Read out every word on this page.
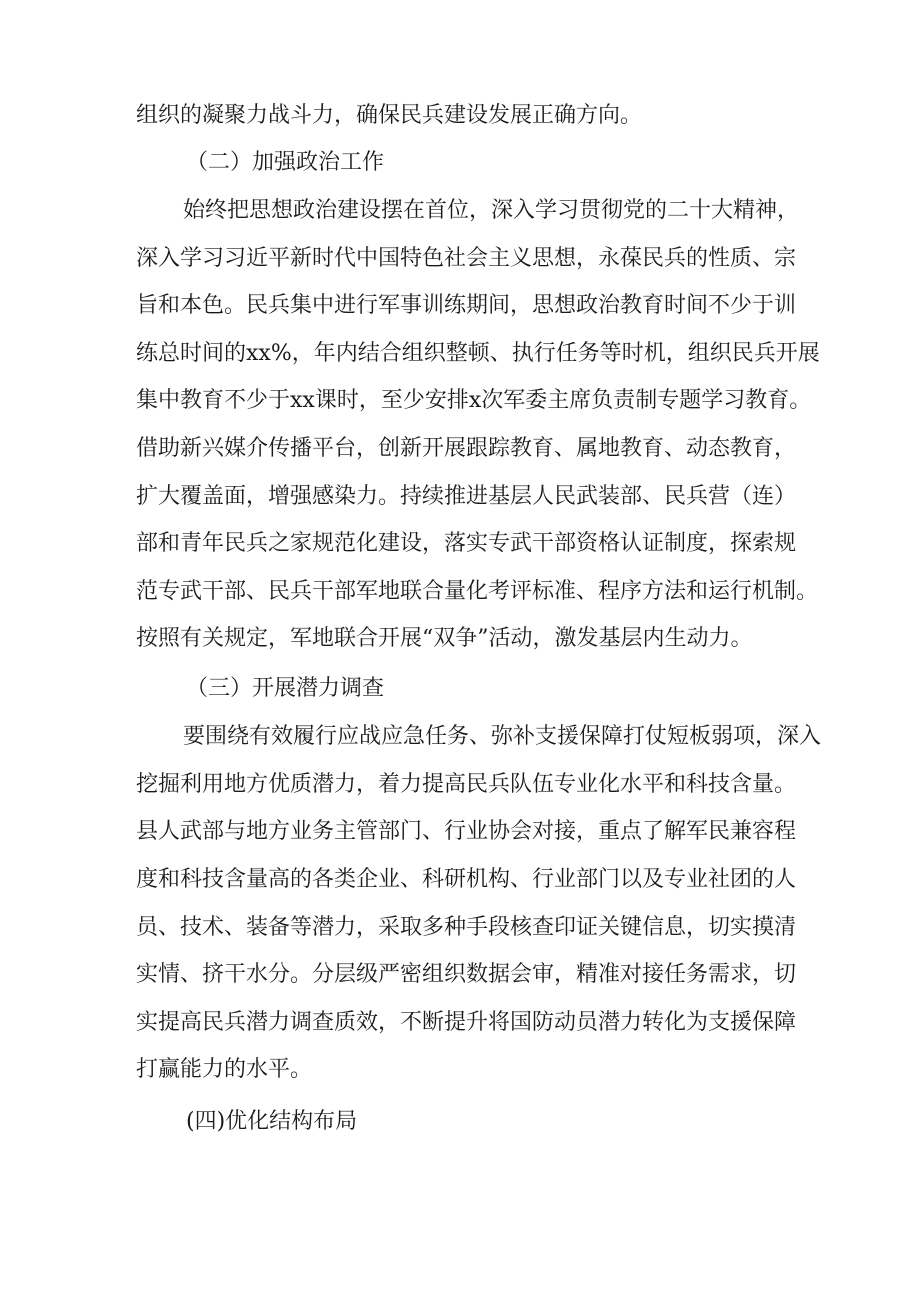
组织的凝聚力战斗力，确保民兵建设发展正确方向。
（二）加强政治工作
始终把思想政治建设摆在首位，深入学习贯彻党的二十大精神，
深入学习习近平新时代中国特色社会主义思想，永葆民兵的性质、宗
旨和本色。民兵集中进行军事训练期间，思想政治教育时间不少于训
练总时间的xx%，年内结合组织整顿、执行任务等时机，组织民兵开展
集中教育不少于xx课时，至少安排x次军委主席负责制专题学习教育。
借助新兴媒介传播平台，创新开展跟踪教育、属地教育、动态教育，
扩大覆盖面，增强感染力。持续推进基层人民武装部、民兵营（连）
部和青年民兵之家规范化建设，落实专武干部资格认证制度，探索规
范专武干部、民兵干部军地联合量化考评标准、程序方法和运行机制。
按照有关规定，军地联合开展“双争”活动，激发基层内生动力。
（三）开展潜力调查
要围绕有效履行应战应急任务、弥补支援保障打仗短板弱项，深入
挖掘利用地方优质潜力，着力提高民兵队伍专业化水平和科技含量。
县人武部与地方业务主管部门、行业协会对接，重点了解军民兼容程
度和科技含量高的各类企业、科研机构、行业部门以及专业社团的人
员、技术、装备等潜力，采取多种手段核查印证关键信息，切实摸清
实情、挤干水分。分层级严密组织数据会审，精准对接任务需求，切
实提高民兵潜力调查质效，不断提升将国防动员潜力转化为支援保障
打赢能力的水平。
(四)优化结构布局
